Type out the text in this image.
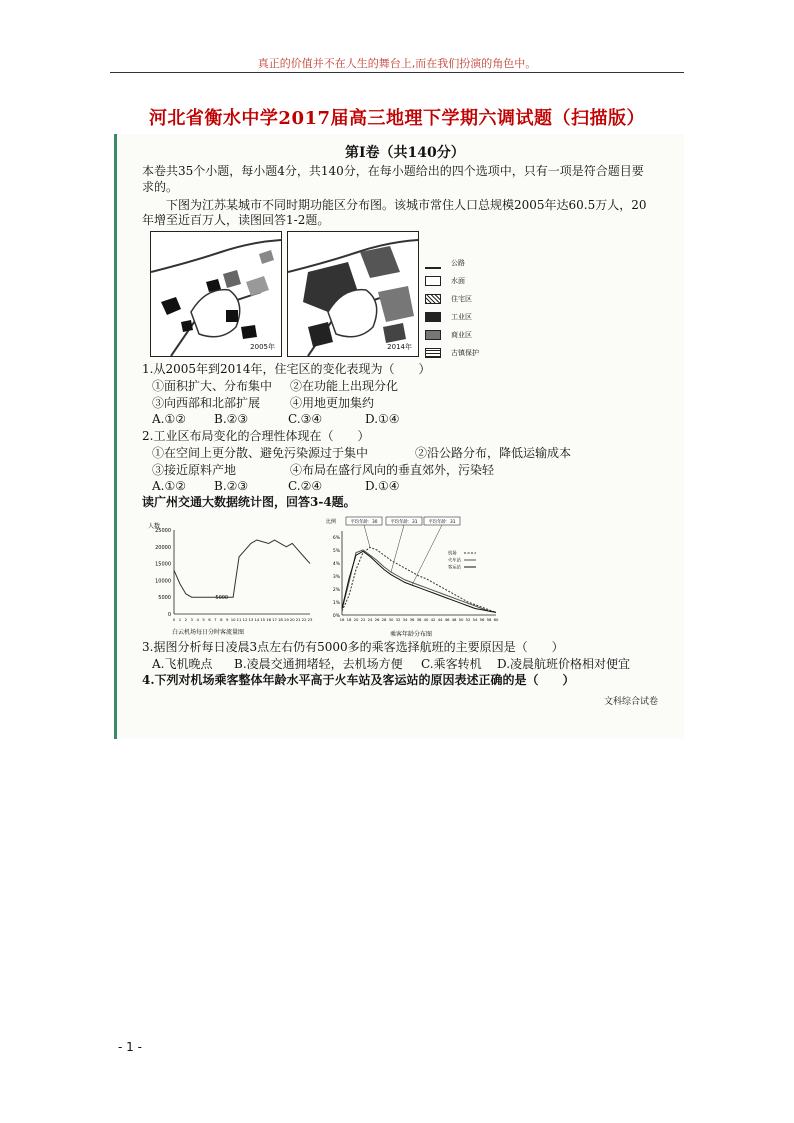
真正的价值并不在人生的舞台上,而在我们扮演的角色中。
河北省衡水中学2017届高三地理下学期六调试题（扫描版）
第Ⅰ卷（共140分）
本卷共35个小题，每小题4分，共140分，在每小题给出的四个选项中，只有一项是符合题目要
求的。
下图为江苏某城市不同时期功能区分布图。该城市常住人口总规模2005年达60.5万人，20
年增至近百万人，读图回答1-2题。
2005年	2014年
公路
水面
住宅区
工业区
商业区
古镇保护
1.从2005年到2014年，住宅区的变化表现为（　　）
①面积扩大、分布集中 ②在功能上出现分化
③向西部和北部扩展 ④用地更加集约
A.①② B.②③	C.③④	D.①④
2.工业区布局变化的合理性体现在（　　）
①在空间上更分散、避免污染源过于集中	②沿公路分布，降低运输成本
③接近原料产地	④布局在盛行风向的垂直郊外，污染轻
A.①② B.②③	C.②④	D.①④
读广州交通大数据统计图，回答3-4题。
0
5000
10000
15000
20000
25000
0 1 2 3 4 5 6 7 8 9 10 11 12 13 14 15 16 17 18 19 20 21 22 23
人数
白云机场每日分时客流量图
5000
0%
1%
2%
3%
4%
5%
6%
16 18 20 22 24 26 28 30 32 34 36 38 40 42 44 46 48 50 52 54 56 58 60
平均年龄：30	平均年龄：31	平均年龄：31
机场
火车站
客运站
比例
乘客年龄分布图
3.据图分析每日凌晨3点左右仍有5000多的乘客选择航班的主要原因是（　　）
A.飞机晚点 B.凌晨交通拥堵轻，去机场方便 C.乘客转机 D.凌晨航班价格相对便宜
4.下列对机场乘客整体年龄水平高于火车站及客运站的原因表述正确的是（　　）
文科综合试卷
- 1 -
